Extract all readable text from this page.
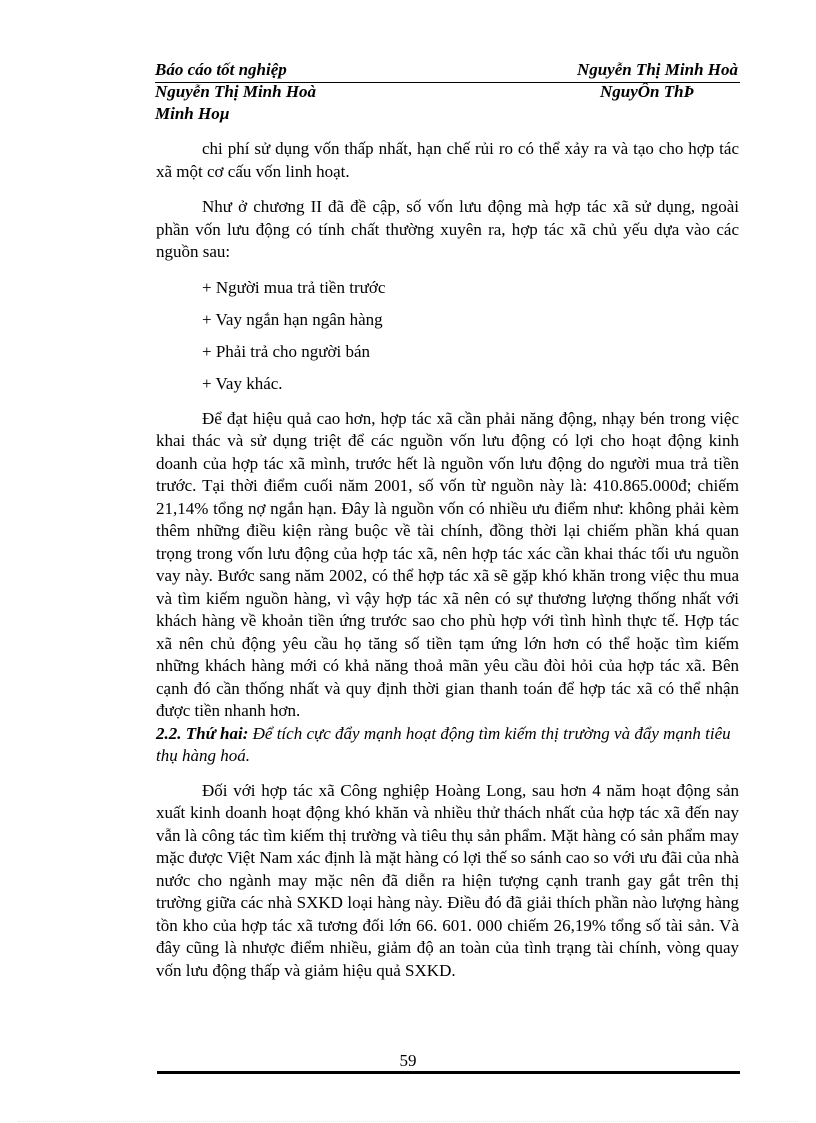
Báo cáo tốt nghiệp	Nguyễn Thị Minh Hoà
Nguyễn Thị Minh Hoà	NguyÔn ThÞ
Minh Hoµ

chi phí sử dụng vốn thấp nhất, hạn chế rủi ro có thể xảy ra và tạo cho hợp tác xã một cơ cấu vốn linh hoạt.

Như ở chương II đã đề cập, số vốn lưu động mà hợp tác xã sử dụng, ngoài phần vốn lưu động có tính chất thường xuyên ra, hợp tác xã chủ yếu dựa vào các nguồn sau:

+ Người mua trả tiền trước

+ Vay ngắn hạn ngân hàng

+ Phải trả cho người bán

+ Vay khác.

Để đạt hiệu quả cao hơn, hợp tác xã cần phải năng động, nhạy bén trong việc khai thác và sử dụng triệt để các nguồn vốn lưu động có lợi cho hoạt động kinh doanh của hợp tác xã mình, trước hết là nguồn vốn lưu động do người mua trả tiền trước. Tại thời điểm cuối năm 2001, số vốn từ nguồn này là: 410.865.000đ; chiếm 21,14% tổng nợ ngắn hạn. Đây là nguồn vốn có nhiều ưu điểm như: không phải kèm thêm những điều kiện ràng buộc về tài chính, đồng thời lại chiếm phần khá quan trọng trong vốn lưu động của hợp tác xã, nên hợp tác xác cần khai thác tối ưu nguồn vay này. Bước sang năm 2002, có thể hợp tác xã sẽ gặp khó khăn trong việc thu mua và tìm kiếm nguồn hàng, vì vậy hợp tác xã nên có sự thương lượng thống nhất với khách hàng về khoản tiền ứng trước sao cho phù hợp với tình hình thực tế. Hợp tác xã nên chủ động yêu cầu họ tăng số tiền tạm ứng lớn hơn có thể hoặc tìm kiếm những khách hàng mới có khả năng thoả mãn yêu cầu đòi hỏi của hợp tác xã. Bên cạnh đó cần thống nhất và quy định thời gian thanh toán để hợp tác xã có thể nhận được tiền nhanh hơn.

2.2. Thứ hai: Để tích cực đẩy mạnh hoạt động tìm kiếm thị trường và đẩy mạnh tiêu thụ hàng hoá.

Đối với hợp tác xã Công nghiệp Hoàng Long, sau hơn 4 năm hoạt động sản xuất kinh doanh hoạt động khó khăn và nhiều thử thách nhất của hợp tác xã đến nay vẫn là công tác tìm kiếm thị trường và tiêu thụ sản phẩm. Mặt hàng có sản phẩm may mặc được Việt Nam xác định là mặt hàng có lợi thế so sánh cao so với ưu đãi của nhà nước cho ngành may mặc nên đã diễn ra hiện tượng cạnh tranh gay gắt trên thị trường giữa các nhà SXKD loại hàng này. Điều đó đã giải thích phần nào lượng hàng tồn kho của hợp tác xã tương đối lớn 66. 601. 000 chiếm 26,19% tổng số tài sản. Và đây cũng là nhược điểm nhiều, giảm độ an toàn của tình trạng tài chính, vòng quay vốn lưu động thấp và giảm hiệu quả SXKD.

59
